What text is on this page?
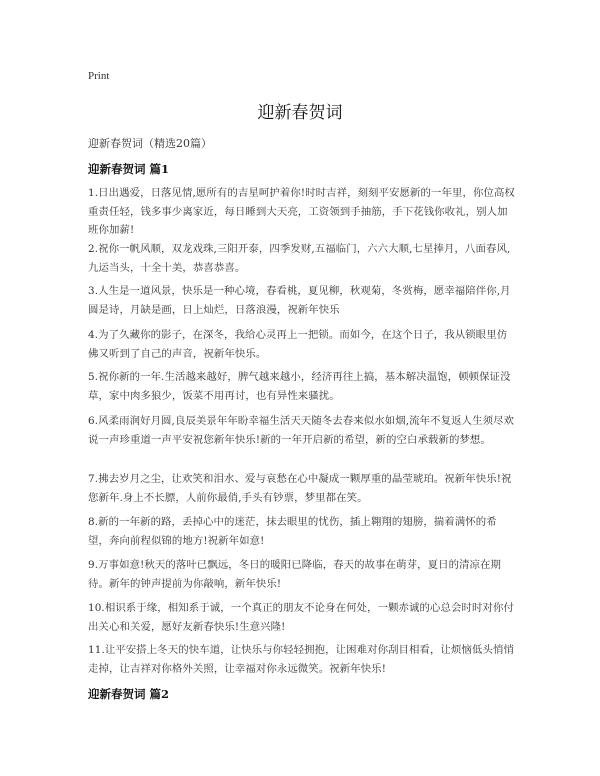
Print
迎新春贺词
迎新春贺词（精选20篇）
迎新春贺词 篇1
1.日出遇爱，日落见情,愿所有的吉星呵护着你!时时吉祥，刻刻平安愿新的一年里，你位高权重责任轻，钱多事少离家近，每日睡到大天亮，工资领到手抽筋，手下花钱你收礼，别人加班你加薪!
2.祝你一帆风顺，双龙戏珠,三阳开泰，四季发财,五福临门，六六大顺,七星捧月，八面春风,九运当头，十全十美，恭喜恭喜。
3.人生是一道风景，快乐是一种心境，春看桃，夏见柳，秋观菊，冬赏梅，愿幸福陪伴你,月圆是诗，月缺是画，日上灿烂，日落浪漫，祝新年快乐
4.为了久藏你的影子，在深冬，我给心灵再上一把锁。而如今，在这个日子，我从锁眼里仿佛又听到了自己的声音，祝新年快乐。
5.祝你新的一年.生活越来越好，脾气越来越小，经济再往上搞，基本解决温饱，顿顿保证没草，家中肉多狼少，饭菜不用再讨，也有异性来骚扰。
6.风柔雨润好月圆,良辰美景年年盼幸福生活天天随冬去春来似水如烟,流年不复返人生须尽欢说一声珍重道一声平安祝您新年快乐!新的一年开启新的希望，新的空白承载新的梦想。
7.拂去岁月之尘，让欢笑和泪水、爱与哀愁在心中凝成一颗厚重的晶莹琥珀。祝新年快乐!祝您新年.身上不长膘，人前你最俏,手头有钞票，梦里都在笑。
8.新的一年新的路，丢掉心中的迷茫，抹去眼里的忧伤，插上翱翔的翅膀，揣着满怀的希望，奔向前程似锦的地方!祝新年如意!
9.万事如意!秋天的落叶已飘远，冬日的暖阳已降临，春天的故事在萌芽，夏日的清凉在期待。新年的钟声提前为你敲响，新年快乐!
10.相识系于缘，相知系于诚，一个真正的朋友不论身在何处，一颗赤诚的心总会时时对你付出关心和关爱，愿好友新春快乐!生意兴隆!
11.让平安搭上冬天的快车道，让快乐与你轻轻拥抱，让困难对你刮目相看，让烦恼低头悄悄走掉，让吉祥对你格外关照，让幸福对你永远微笑。祝新年快乐!
迎新春贺词 篇2
